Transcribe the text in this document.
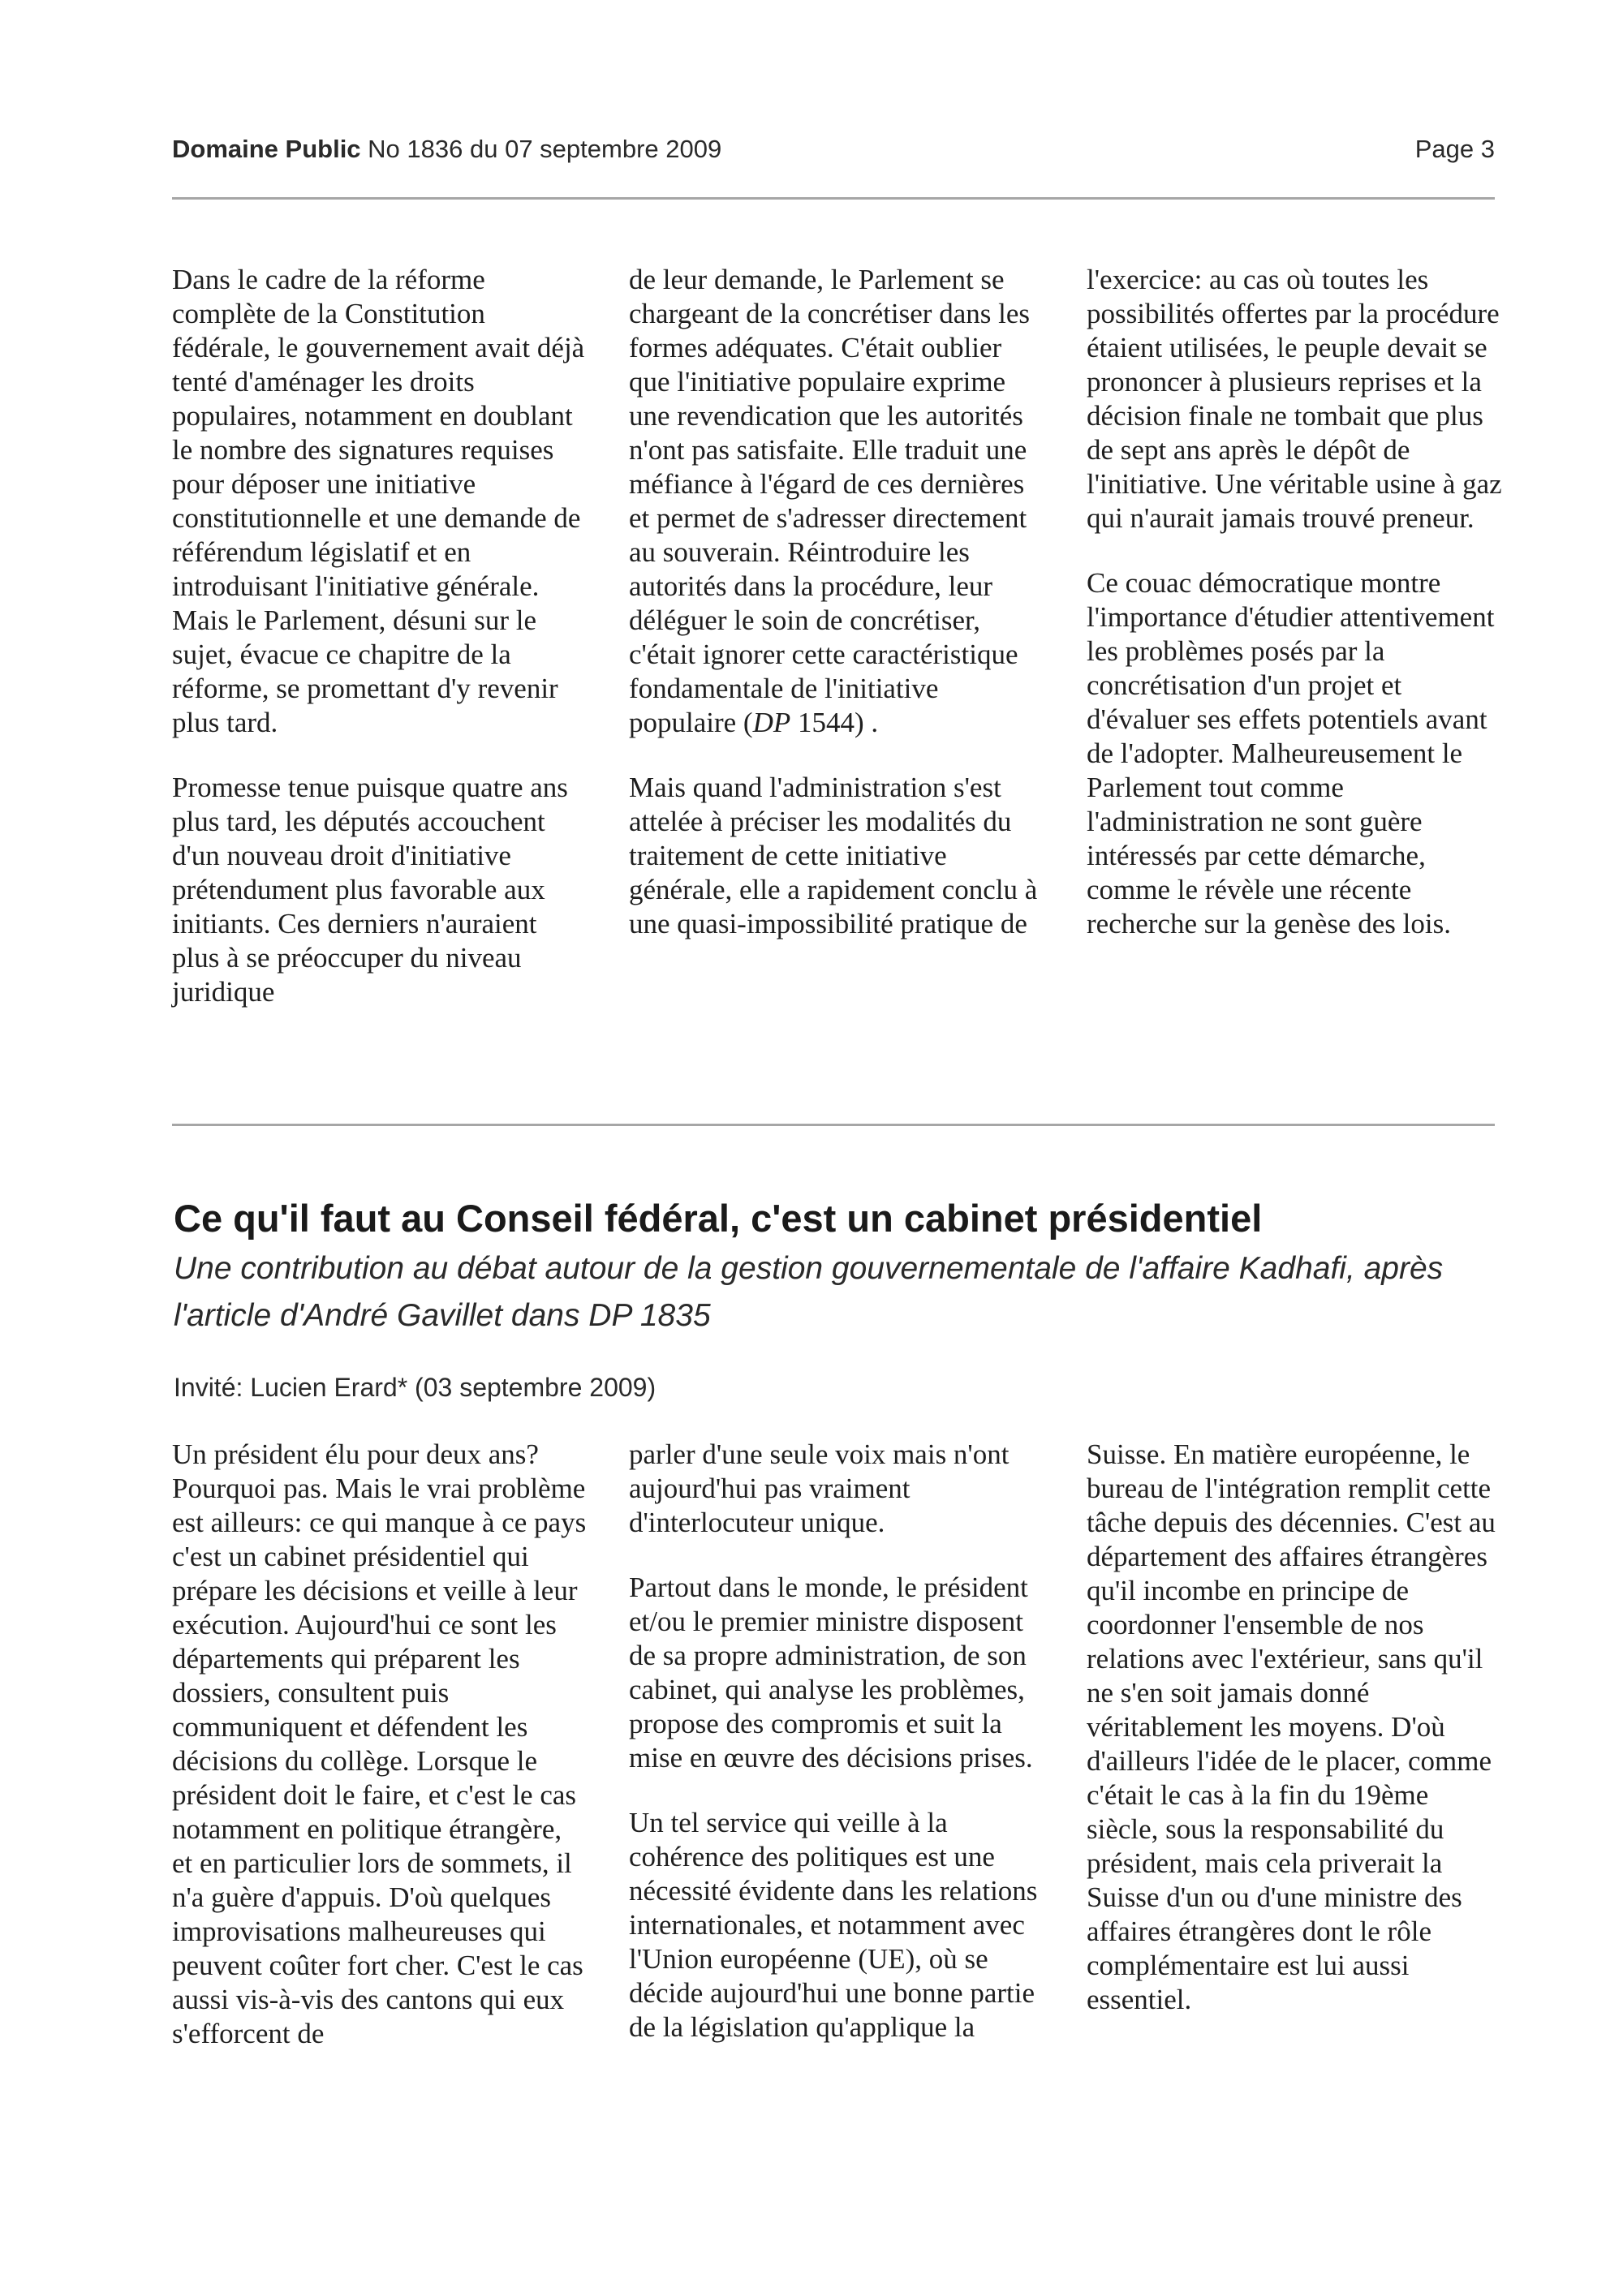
Domaine Public No 1836 du 07 septembre 2009	Page 3

Dans le cadre de la réforme complète de la Constitution fédérale, le gouvernement avait déjà tenté d'aménager les droits populaires, notamment en doublant le nombre des signatures requises pour déposer une initiative constitutionnelle et une demande de référendum législatif et en introduisant l'initiative générale. Mais le Parlement, désuni sur le sujet, évacue ce chapitre de la réforme, se promettant d'y revenir plus tard.

Promesse tenue puisque quatre ans plus tard, les députés accouchent d'un nouveau droit d'initiative prétendument plus favorable aux initiants. Ces derniers n'auraient plus à se préoccuper du niveau juridique

de leur demande, le Parlement se chargeant de la concrétiser dans les formes adéquates. C'était oublier que l'initiative populaire exprime une revendication que les autorités n'ont pas satisfaite. Elle traduit une méfiance à l'égard de ces dernières et permet de s'adresser directement au souverain. Réintroduire les autorités dans la procédure, leur déléguer le soin de concrétiser, c'était ignorer cette caractéristique fondamentale de l'initiative populaire (DP 1544) .

Mais quand l'administration s'est attelée à préciser les modalités du traitement de cette initiative générale, elle a rapidement conclu à une quasi-impossibilité pratique de

l'exercice: au cas où toutes les possibilités offertes par la procédure étaient utilisées, le peuple devait se prononcer à plusieurs reprises et la décision finale ne tombait que plus de sept ans après le dépôt de l'initiative. Une véritable usine à gaz qui n'aurait jamais trouvé preneur.

Ce couac démocratique montre l'importance d'étudier attentivement les problèmes posés par la concrétisation d'un projet et d'évaluer ses effets potentiels avant de l'adopter. Malheureusement le Parlement tout comme l'administration ne sont guère intéressés par cette démarche, comme le révèle une récente recherche sur la genèse des lois.

Ce qu'il faut au Conseil fédéral, c'est un cabinet présidentiel

Une contribution au débat autour de la gestion gouvernementale de l'affaire Kadhafi, après l'article d'André Gavillet dans DP 1835

Invité: Lucien Erard* (03 septembre 2009)

Un président élu pour deux ans? Pourquoi pas. Mais le vrai problème est ailleurs: ce qui manque à ce pays c'est un cabinet présidentiel qui prépare les décisions et veille à leur exécution. Aujourd'hui ce sont les départements qui préparent les dossiers, consultent puis communiquent et défendent les décisions du collège. Lorsque le président doit le faire, et c'est le cas notamment en politique étrangère, et en particulier lors de sommets, il n'a guère d'appuis. D'où quelques improvisations malheureuses qui peuvent coûter fort cher. C'est le cas aussi vis-à-vis des cantons qui eux s'efforcent de

parler d'une seule voix mais n'ont aujourd'hui pas vraiment d'interlocuteur unique.

Partout dans le monde, le président et/ou le premier ministre disposent de sa propre administration, de son cabinet, qui analyse les problèmes, propose des compromis et suit la mise en œuvre des décisions prises.

Un tel service qui veille à la cohérence des politiques est une nécessité évidente dans les relations internationales, et notamment avec l'Union européenne (UE), où se décide aujourd'hui une bonne partie de la législation qu'applique la

Suisse. En matière européenne, le bureau de l'intégration remplit cette tâche depuis des décennies. C'est au département des affaires étrangères qu'il incombe en principe de coordonner l'ensemble de nos relations avec l'extérieur, sans qu'il ne s'en soit jamais donné véritablement les moyens. D'où d'ailleurs l'idée de le placer, comme c'était le cas à la fin du 19ème siècle, sous la responsabilité du président, mais cela priverait la Suisse d'un ou d'une ministre des affaires étrangères dont le rôle complémentaire est lui aussi essentiel.
